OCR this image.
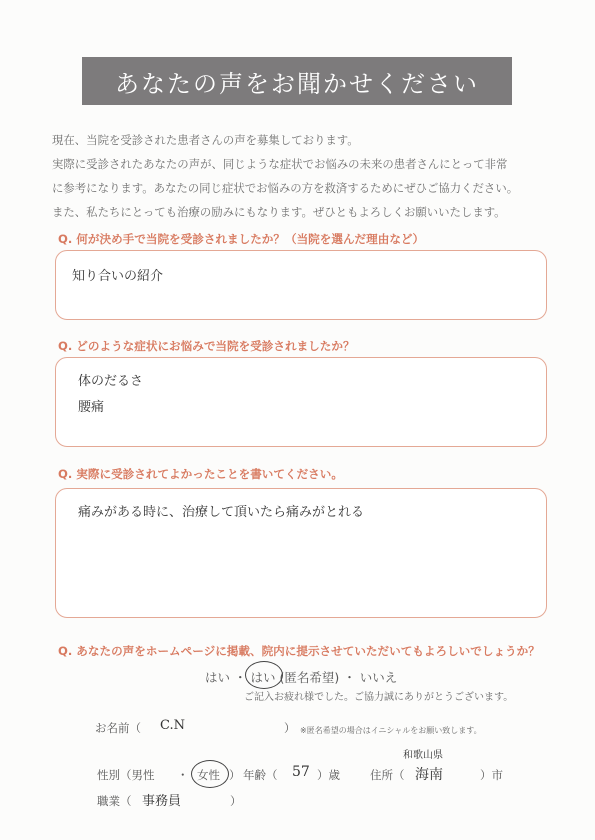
あなたの声をお聞かせください

現在、当院を受診された患者さんの声を募集しております。

実際に受診されたあなたの声が、同じような症状でお悩みの未来の患者さんにとって非常

に参考になります。あなたの同じ症状でお悩みの方を救済するためにぜひご協力ください。

また、私たちにとっても治療の励みにもなります。ぜひともよろしくお願いいたします。

Q. 何が決め手で当院を受診されましたか？（当院を選んだ理由など）
知り合いの紹介
Q. どのような症状にお悩みで当院を受診されましたか？
体のだるさ
腰痛
Q. 実際に受診されてよかったことを書いてください。
痛みがある時に、治療して頂いたら痛みがとれる
Q. あなたの声をホームページに掲載、院内に提示させていただいてもよろしいでしょうか？
はい ・ はい (匿名希望) ・ いいえ
ご記入お疲れ様でした。ご協力誠にありがとうございます。
お名前（ C.N	） ※匿名希望の場合はイニシャルをお願い致します。
性別（男性 ・ 女性 ） 年齢（ 57 ）歳	住所（
和歌山県
海南	）市
職業（ 事務員	）
